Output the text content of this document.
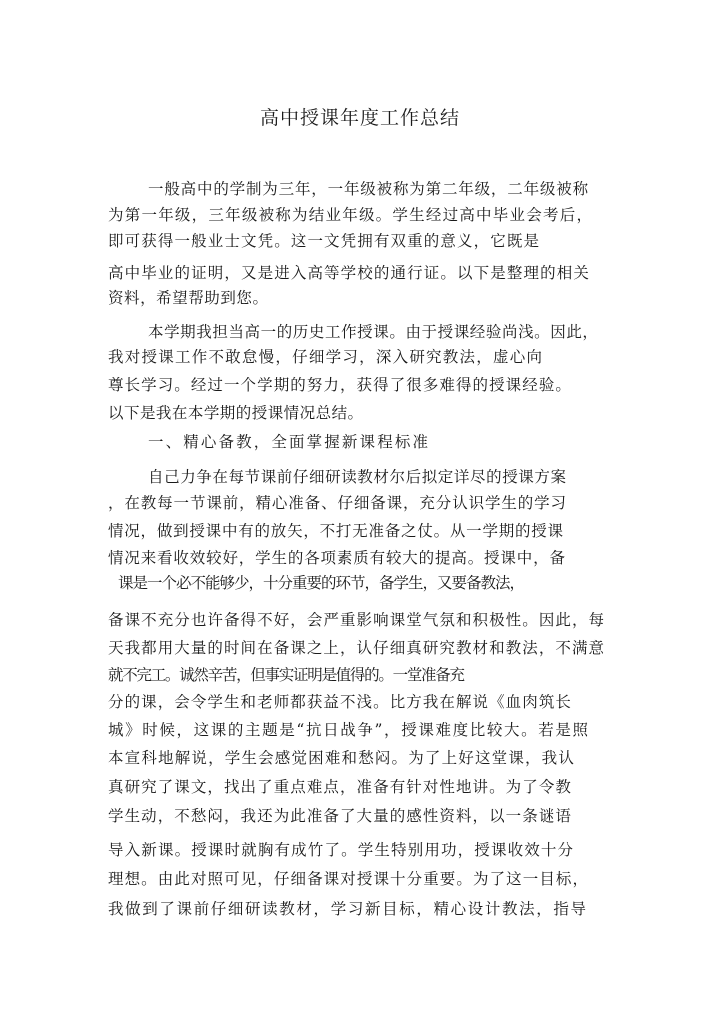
高中授课年度工作总结
一般高中的学制为三年，一年级被称为第二年级，二年级被称
为第一年级，三年级被称为结业年级。学生经过高中毕业会考后，
即可获得一般业士文凭。这一文凭拥有双重的意义，它既是
高中毕业的证明，又是进入高等学校的通行证。以下是整理的相关
资料，希望帮助到您。
本学期我担当高一的历史工作授课。由于授课经验尚浅。因此，
我对授课工作不敢怠慢，仔细学习，深入研究教法，虚心向
尊长学习。经过一个学期的努力，获得了很多难得的授课经验。
以下是我在本学期的授课情况总结。
一、精心备教，全面掌握新课程标准
自己力争在每节课前仔细研读教材尔后拟定详尽的授课方案
，在教每一节课前，精心准备、仔细备课，充分认识学生的学习
情况，做到授课中有的放矢，不打无准备之仗。从一学期的授课
情况来看收效较好，学生的各项素质有较大的提高。授课中，备
课是一个必不能够少，十分重要的环节，备学生，又要备教法，
备课不充分也许备得不好，会严重影响课堂气氛和积极性。因此，每
天我都用大量的时间在备课之上，认仔细真研究教材和教法，不满意
就不完工。诚然辛苦，但事实证明是值得的。一堂准备充
分的课，会令学生和老师都获益不浅。比方我在解说《血肉筑长
城》时候，这课的主题是“抗日战争”，授课难度比较大。若是照
本宣科地解说，学生会感觉困难和愁闷。为了上好这堂课，我认
真研究了课文，找出了重点难点，准备有针对性地讲。为了令教
学生动，不愁闷，我还为此准备了大量的感性资料，以一条谜语
导入新课。授课时就胸有成竹了。学生特别用功，授课收效十分
理想。由此对照可见，仔细备课对授课十分重要。为了这一目标，
我做到了课前仔细研读教材，学习新目标，精心设计教法，指导
